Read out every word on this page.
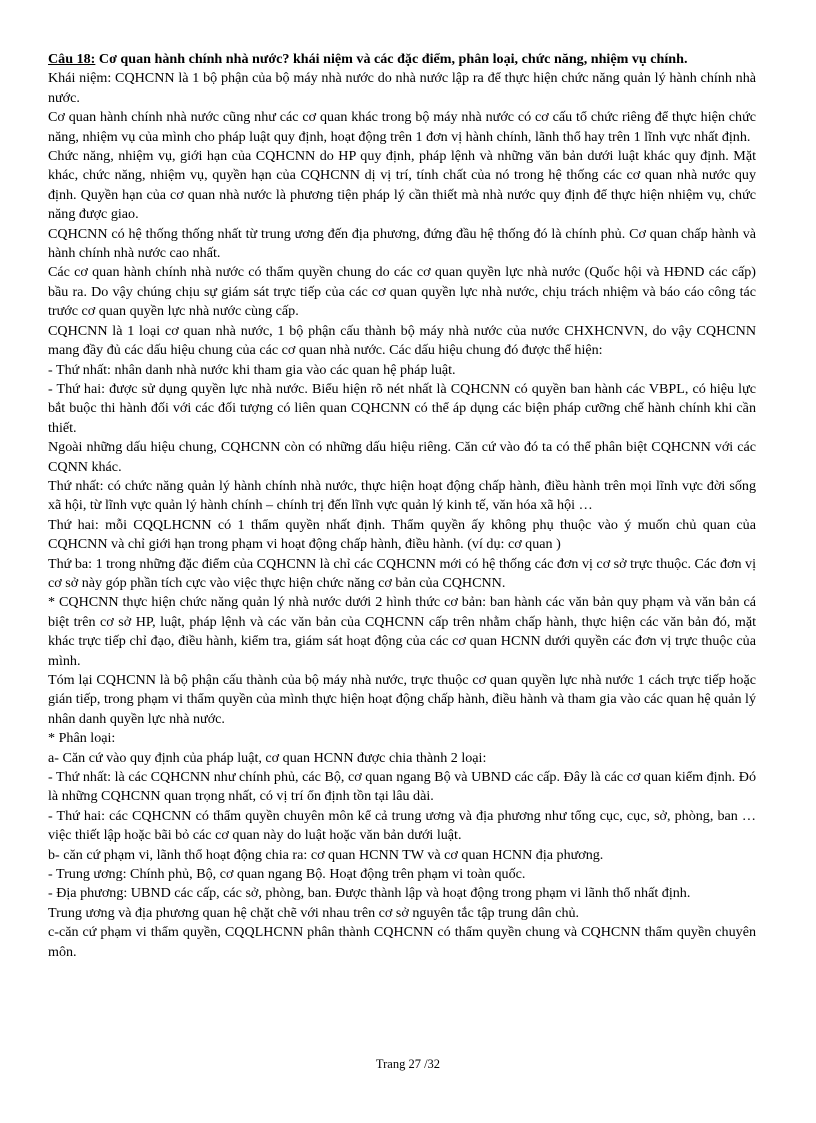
Câu 18: Cơ quan hành chính nhà nước? khái niệm và các đặc điểm, phân loại, chức năng, nhiệm vụ chính.

Khái niệm: CQHCNN là 1 bộ phận của bộ máy nhà nước do nhà nước lập ra để thực hiện chức năng quản lý hành chính nhà nước.

Cơ quan hành chính nhà nước cũng như các cơ quan khác trong bộ máy nhà nước có cơ cấu tổ chức riêng để thực hiện chức năng, nhiệm vụ của mình cho pháp luật quy định, hoạt động trên 1 đơn vị hành chính, lãnh thổ hay trên 1 lĩnh vực nhất định.

Chức năng, nhiệm vụ, giới hạn của CQHCNN do HP quy định, pháp lệnh và những văn bản dưới luật khác quy định. Mặt khác, chức năng, nhiệm vụ, quyền hạn của CQHCNN dị vị trí, tính chất của nó trong hệ thống các cơ quan nhà nước quy định. Quyền hạn của cơ quan nhà nước là phương tiện pháp lý cần thiết mà nhà nước quy định để thực hiện nhiệm vụ, chức năng được giao.

CQHCNN có hệ thống thống nhất từ trung ương đến địa phương, đứng đầu hệ thống đó là chính phủ. Cơ quan chấp hành và hành chính nhà nước cao nhất.

Các cơ quan hành chính nhà nước có thẩm quyền chung do các cơ quan quyền lực nhà nước (Quốc hội và HĐND các cấp) bầu ra. Do vậy chúng chịu sự giám sát trực tiếp của các cơ quan quyền lực nhà nước, chịu trách nhiệm và báo cáo công tác trước cơ quan quyền lực nhà nước cùng cấp.

CQHCNN là 1 loại cơ quan nhà nước, 1 bộ phận cấu thành bộ máy nhà nước của nước CHXHCNVN, do vậy CQHCNN mang đầy đủ các dấu hiệu chung của các cơ quan nhà nước. Các dấu hiệu chung đó được thể hiện:

- Thứ nhất: nhân danh nhà nước khi tham gia vào các quan hệ pháp luật.

- Thứ hai: được sử dụng quyền lực nhà nước. Biểu hiện rõ nét nhất là CQHCNN có quyền ban hành các VBPL, có hiệu lực bắt buộc thi hành đối với các đối tượng có liên quan CQHCNN có thể áp dụng các biện pháp cưỡng chế hành chính khi cần thiết.

Ngoài những dấu hiệu chung, CQHCNN còn có những dấu hiệu riêng. Căn cứ vào đó ta có thể phân biệt CQHCNN với các CQNN khác.

Thứ nhất: có chức năng quản lý hành chính nhà nước, thực hiện hoạt động chấp hành, điều hành trên mọi lĩnh vực đời sống xã hội, từ lĩnh vực quản lý hành chính – chính trị đến lĩnh vực quản lý kinh tế, văn hóa xã hội …

Thứ hai: mỗi CQQLHCNN có 1 thẩm quyền nhất định. Thẩm quyền ấy không phụ thuộc vào ý muốn chủ quan của CQHCNN và chỉ giới hạn trong phạm vi hoạt động chấp hành, điều hành. (ví dụ: cơ quan )

Thứ ba: 1 trong những đặc điểm của CQHCNN là chỉ các CQHCNN mới có hệ thống các đơn vị cơ sở trực thuộc. Các đơn vị cơ sở này góp phần tích cực vào việc thực hiện chức năng cơ bản của CQHCNN.

* CQHCNN thực hiện chức năng quản lý nhà nước dưới 2 hình thức cơ bản: ban hành các văn bản quy phạm và văn bản cá biệt trên cơ sở HP, luật, pháp lệnh và các văn bản của CQHCNN cấp trên nhằm chấp hành, thực hiện các văn bản đó, mặt khác trực tiếp chỉ đạo, điều hành, kiểm tra, giám sát hoạt động của các cơ quan HCNN dưới quyền các đơn vị trực thuộc của mình.

Tóm lại CQHCNN là bộ phận cấu thành của bộ máy nhà nước, trực thuộc cơ quan quyền lực nhà nước 1 cách trực tiếp hoặc gián tiếp, trong phạm vi thẩm quyền của mình thực hiện hoạt động chấp hành, điều hành và tham gia vào các quan hệ quản lý nhân danh quyền lực nhà nước.

* Phân loại:

a- Căn cứ vào quy định của pháp luật, cơ quan HCNN được chia thành 2 loại:

- Thứ nhất: là các CQHCNN như chính phủ, các Bộ, cơ quan ngang Bộ và UBND các cấp. Đây là các cơ quan kiểm định. Đó là những CQHCNN quan trọng nhất, có vị trí ổn định tồn tại lâu dài.

- Thứ hai: các CQHCNN có thẩm quyền chuyên môn kể cả trung ương và địa phương như tổng cục, cục, sở, phòng, ban … việc thiết lập hoặc bãi bỏ các cơ quan này do luật hoặc văn bản dưới luật.

b- căn cứ phạm vi, lãnh thổ hoạt động chia ra: cơ quan HCNN TW và cơ quan HCNN địa phương.

- Trung ương: Chính phủ, Bộ, cơ quan ngang Bộ. Hoạt động trên phạm vi toàn quốc.

- Địa phương: UBND các cấp, các sở, phòng, ban. Được thành lập và hoạt động trong phạm vi lãnh thổ nhất định.

Trung ương và địa phương quan hệ chặt chẽ với nhau trên cơ sở nguyên tắc tập trung dân chủ.

c-căn cứ phạm vi thẩm quyền, CQQLHCNN phân thành CQHCNN có thẩm quyền chung và CQHCNN thẩm quyền chuyên môn.

Trang 27 /32
